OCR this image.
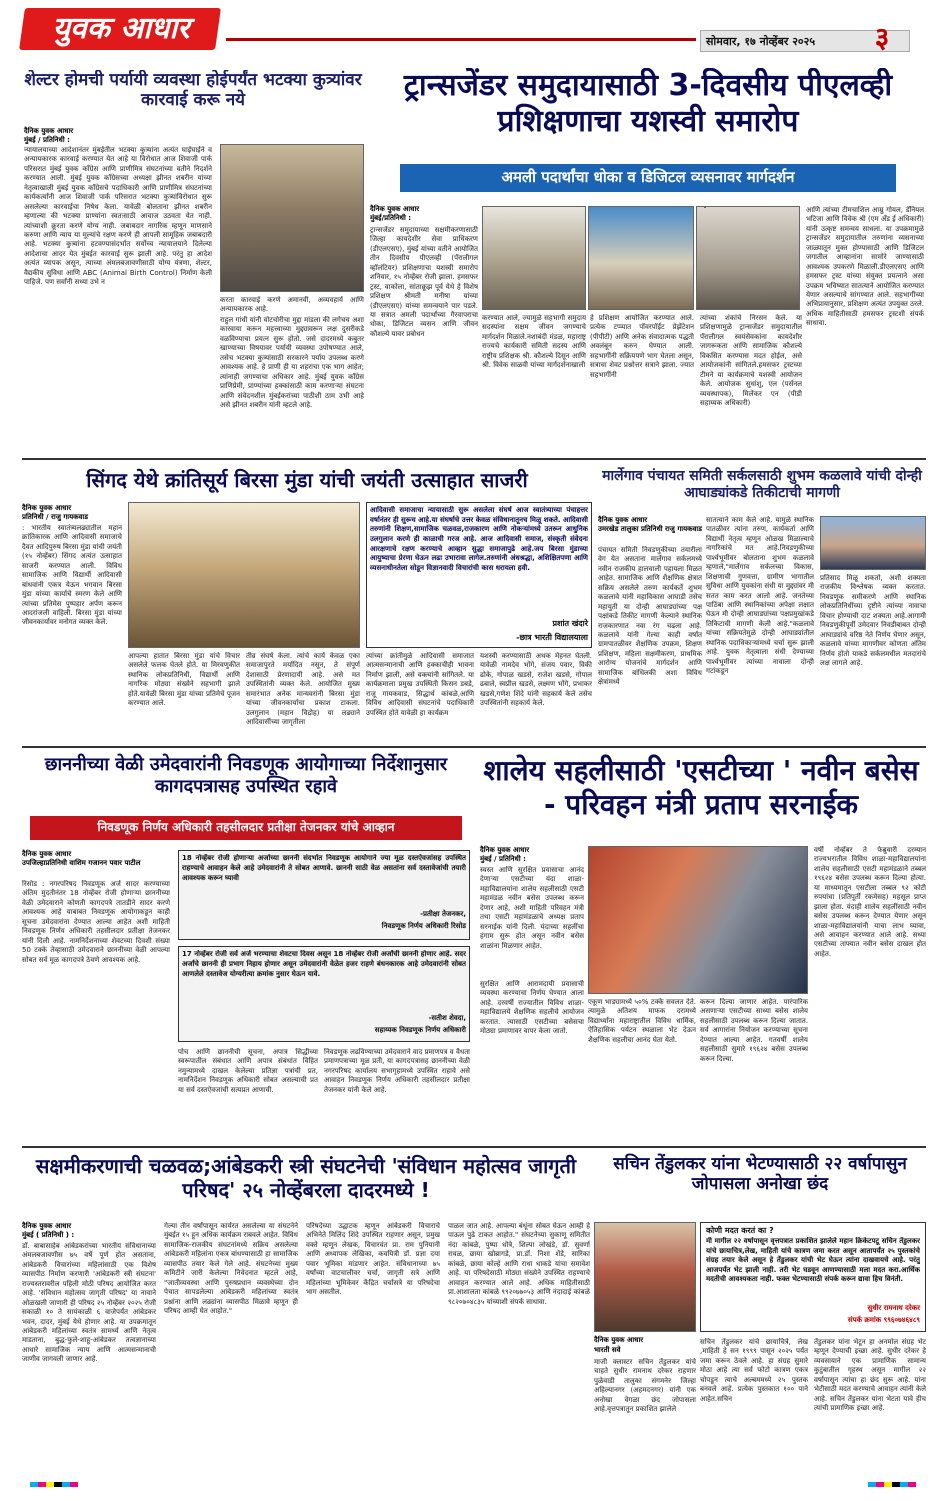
युवक आधार	सोमवार, १७ नोव्हेंबर २०२५	३
शेल्टर होमची पर्यायी व्यवस्था होईपर्यंत भटक्या कुत्र्यांवर कारवाई करू नये
दैनिक युवक आधार
मुंबई / प्रतिनिधी :
न्यायालयाच्या आदेशानंतर मुंबईतील भटक्या कुत्र्यांना अत्यंत घाईघाईने व अन्यायकारक कारवाई करण्यात येत आहे या विरोधात आज शिवाजी पार्क परिसरात मुंबई युवक काँग्रेस आणि प्राणीमित्र संघटनांच्या वतीने निदर्शने करण्यात आली. मुंबई युवक काँग्रेसच्या अध्यक्षा झीनत शबरीन यांच्या नेतृत्वाखाली मुंबई युवक काँग्रेसचे पदाधिकारी आणि प्राणीमित्र संघटनांच्या कार्यकर्त्यांनी आज शिवाजी पार्क परिसरात भटक्या कुत्र्यांविरोधात सुरू असलेल्या कारवाईचा निषेध केला. यावेळी बोलताना झीनत शबरीन म्हणाल्या की भटक्या प्राण्यांना स्वतःसाठी आवाज उठवता येत नाही. त्यांच्याशी क्रूरता करणे योग्य नाही. जबाबदार नागरिक म्हणून माणसाने करुणा आणि न्याय या मूल्यांचे रक्षण करणे ही आपली सामूहिक जबाबदारी आहे. भटक्या कुत्र्यांना हटवण्यासंदर्भात सर्वोच्च न्यायालयाने दिलेल्या आदेशाचा आदर येत मुंबईत कारवाई सुरू झाली आहे. परंतु हा आदेश अत्यंत व्यापक असून, त्याच्या अंमलबजावणीसाठी योग्य यंत्रणा, शेल्टर, वैद्यकीय सुविधा आणि ABC (Animal Birth Control) निर्माण केली पाहिजे. पण सर्वांनी सध्या उभे न
करता कारवाई करणे अमानवी, अव्यवहार्य आणि अन्यायकारक आहे.
राहुल गांधी यांनी वोटचोरीचा मुद्दा मांडला की लगेचच अशा कारवाया करून महत्त्वाच्या मुद्द्यावरून लक्ष दुसरीकडे वळविण्याचा प्रयत्न सुरू होतो. जसे दादरमध्ये कबुतर खाण्याच्या विषयावर पर्यायी व्यवस्था उपोषण्यात आले, तसेच भटक्या कुत्र्यांसाठी सरकारने पर्याय उपलब्ध करणे आवश्यक आहे. हे प्राणी ही या शहराचा एक भाग आहेत; त्यांनाही जगण्याचा अधिकार आहे. मुंबई युवक काँग्रेस प्राणिप्रेमी, प्राण्यांच्या हक्कांसाठी काम करणाऱ्या संघटना आणि संवेदनशील मुंबईकरांच्या पाठीशी ठाम उभी आहे असे झीनत शबरीन यांनी म्हटले आहे.
ट्रान्सजेंडर समुदायासाठी 3-दिवसीय पीएलव्ही प्रशिक्षणाचा यशस्वी समारोप
अमली पदार्थांचा धोका व डिजिटल व्यसनावर मार्गदर्शन
दैनिक युवक आधार
मुंबई/प्रतिनिधी :
ट्रान्सजेंडर समुदायाच्या सक्षमीकरणासाठी जिल्हा कायदेशीर सेवा प्राधिकरण (डीएलएसए), मुंबई यांच्या वतीने आयोजित तीन दिवसीय पीएलव्ही (पॅरालीगल व्हॉलंटियर) प्रशिक्षणाचा यशस्वी समारोप शनिवार, १५ नोव्हेंबर रोजी झाला. हमसफर ट्रस्ट, वाकोला, सांताक्रूझ पूर्व येथे हे विशेष प्रशिक्षण श्रीमती मनीषा यांच्या (डीएलएसए) यांच्या समन्वयाने पार पडले. या सत्रात अमली पदार्थांच्या गैरवापराचा धोका, डिजिटल व्यसन आणि जीवन कौशल्ये यावर प्रबोधन
करण्यात आले, ज्यामुळे सहभागी समुदाय सदस्यांना सक्षम जीवन जगण्याचे मार्गदर्शन मिळाले.नशाबंदी मंडळ, महाराष्ट्र राज्यचे कार्यकारी समिती सदस्य आणि राष्ट्रीय प्रशिक्षक श्री. कौशल्ये दिसून आणि श्री. विवेक साळवी यांच्या मार्गदर्शनाखाली
हे प्रशिक्षण आयोजित करण्यात आले. प्रत्येक टप्प्यात पॉवरपॉईंट प्रेझेंटेशन (पीपीटी) आणि अनेक संवादात्मक पद्धती अवलंबून करुन घेण्यात आली. सहभागींनी सक्रियपणे भाग घेतला असून, सत्राचा शेवट प्रश्नोत्तर सत्राने झाला. ज्यात सहभागींनी
त्यांच्या शंकांचे निरसन केले. या प्रशिक्षणामुळे ट्रान्सजेंडर समुदायातील पॅरालीगल स्वयंसेवकांना कायदेशीर जागरूकता आणि सामाजिक कौशल्ये विकसित करण्यास मदत होईल, असे आयोजकांनी सांगितले.हमसफर ट्रस्टच्या टीमने या कार्यक्रमाचे यशस्वी आयोजन केले. आयोजक सुधांशु, एल (पर्सनल व्यवस्थापक), मिलेंकर एन (पीडी सहाय्यक अधिकारी)
आणि त्यांच्या टीमचाशिल आम्रु गोयल, डॅनियल भटिजा आणि विवेक श्री (एम अँड ई अधिकारी) यांनी उत्कृष्ट समन्वय साधला. या उपक्रमामुळे ट्रान्सजेंडर समुदायातील तरुणांना व्यसनाच्या जाळ्यातून मुक्त होण्यासाठी आणि डिजिटल जगातील आव्हानांना सामोरे जाण्यासाठी आवश्यक उपकरणे मिळाली.डीएलएसए आणि हमसफर ट्रस्ट यांच्या संयुक्त प्रयत्नाने असा उपक्रम भविष्यात सातत्याने आयोजित करण्यात येणार असल्याचे सांगण्यात आले. सहभागींच्या अभिप्रायानुसार, प्रशिक्षण अत्यंत उपयुक्त ठरले. अधिक माहितीसाठी हमसफर ट्रस्टशी संपर्क साधावा.
सिंगद येथे क्रांतिसूर्य बिरसा मुंडा यांची जयंती उत्साहात साजरी
दैनिक युवक आधार
प्रतिनिधी / राजु गायकवाड
: भारतीय स्वातंत्र्यलढ्यातील महान क्रांतिकारक आणि आदिवासी समाजाचे दैवत आदिपुरुष बिरसा मुंडा यांची जयंती (१५ नोव्हेंबर) सिंगद अत्यंत उत्साहात साजरी करण्यात आली. विविध सामाजिक आणि विद्यार्थी आदिवासी बांधवांनी एकत्र येऊन भगवान बिरसा मुंडा यांच्या कार्याचे स्मरण केले आणि त्यांच्या प्रतिमेस पुष्पहार अर्पण करून आदरांजली वाहिली. बिरसा मुंडा यांच्या जीवनकार्यावर मनोगत व्यक्त केले.
आपल्या हातात बिरसा मुंडा यांचे विचार असलेले फलक घेतले होते. या मिरवणुकीत स्थानिक लोकप्रतिनिधी, विद्यार्थी आणि नागरिक मोठ्या संख्येने सहभागी झाले होते.यावेळी बिरसा मुंडा यांच्या प्रतिमेचे पूजन करण्यात आले.
तीव्र संघर्ष केला. त्यांचे कार्य केवळ एका समाजापुरते मर्यादित नसून, ते संपूर्ण देशासाठी प्रेरणादायी आहे. असे मत उपस्थितांनी व्यक्त केले. आयोजित मुख्य समारंभात अनेक मान्यवरांनी बिरसा मुंडा यांच्या जीवनकार्याचा प्रकाश टाकला. उलगुलान (महान विद्रोह) या लढ्याने आदिवासींच्या जागृतीला
आदिवासी समाजाचा न्यायासाठी सुरू असलेला संघर्ष आज स्वातंत्र्याच्या पंचाहत्तर वर्षानंतर ही सुरूच आहे.या संघर्षाचे उत्तर केवळ संविधानातूनच मिळू शकते. आदिवासी तरुणांनी शिक्षण,सामाजिक चळवळ,राजकारण आणि नोकऱ्यांमध्ये उतरून आधुनिक उलगुलान करणे ही काळाची गरज आहे. आज आदिवासी समाज, संस्कृती संवेदना आरक्षणाचे रक्षण करण्याचे आव्हान सुद्धा समाजापुढे आहे.जय बिरसा मुंडाच्या आयुष्याचा प्रेरणा घेऊन लढा उभारावा लागेल.तरुणांनी अंधश्रद्धा, अशिक्षितपणा आणि व्यसनाधीनतेला सोडून विज्ञानवादी विचारांची कास धरायला हवी.
प्रशांत खंदारे
-छात्र भारती विद्यालयाला
त्यांच्या क्रांतीमुळे आदिवासी समाजात आत्मसन्मानाची आणि हक्काचीही भावना निर्माण झाली, असे वक्त्यांनी सांगितले. या कार्यक्रमाला प्रमुख उपस्थिती किसन डबडे, राजू गायकवाड, सिद्धार्थ कांबळे,आणि विविध आदिवासी संघटनांचे पदाधिकारी उपस्थित होते यावेळी हा कार्यक्रम
यशस्वी करण्यासाठी अथक मेहनत घेतली. यावेळी नामदेव भोंगे, संजय पवार, विकी ढोके, गोपाळ खडसे, राजेश खडसे, गोपाल ढबाले, स्वप्नील खडसे, लक्ष्मण भोंगे, प्रभाकर खडसे,गणेश शिंदे यांनी सहकार्य केले तसेच उपस्थितांनी सहकार्य केले.
मार्लेगाव पंचायत समिती सर्कलसाठी शुभम कळलावे यांची दोन्ही आघाड्यांकडे तिकीटाची मागणी
दैनिक युवक आधार
उमरखेड तालुका प्रतिनिधी राजु गायकवाड
पंचायत समिती निवडणुकीच्या तयारीला वेग येत असताना मार्लेगाव सर्कलमध्ये नवीन राजकीय हालचाली पहायला मिळत आहेत. सामाजिक आणि शैक्षणिक क्षेत्रात सक्रिय असलेले तरुण कार्यकर्ते शुभम कळलावे यांनी महाविकास आघाडी तसेच महायुती या दोन्ही आघाड्यांच्या पक्ष पक्षांकडे तिकीट मागणी केल्याने स्थानिक राजकारणात नवा रंग चढला आहे. कळलावे यांनी गेल्या काही वर्षांत ग्रामपातळीवर शैक्षणिक उपक्रम, शिक्षण प्रशिक्षण, महिला सक्षमीकरण, प्राथमिक आरोग्य योजनांचे मार्गदर्शन आणि सामाजिक बांधिलकी अशा विविध क्षेत्रांमध्ये
सातत्याने काम केले आहे. यामुळे स्थानिक पातळीवर त्यांना तरुण, कार्यकर्ता आणि विद्यार्थी नेतृत्व म्हणून ओळख मिळाल्याचे नागरिकांचे मत आहे.निवडणुकीच्या पार्श्वभूमीवर बोलताना शुभम कळलावे म्हणाले,"मार्लेगाव सर्कलच्या विकास, शिक्षणाची गुणवत्ता, ग्रामीण भागातील सुविधा आणि युवकांना संधी या मुद्द्यांवर मी सतत काम करत आलो आहे. जनतेच्या पाठिंबा आणि स्थानिकांच्या अपेक्षा लक्षात घेऊन मी दोन्ही आघाड्यांच्या पक्षप्रमुखांकडे तिकिटाची मागणी केली आहे."कळलावे यांच्या सक्रियतेमुळे दोन्ही आघाड्यांतील स्थानिक पदाधिकाऱ्यांमध्ये चर्चा सुरू झाली आहे. युवक नेतृत्वाला संधी देण्याच्या पार्श्वभूमीवर त्यांच्या नावाला दोन्ही गटांकडून
प्रतिसाद मिळू शकतो, अशी शक्यता राजकीय विश्लेषक व्यक्त करतात. निवडणूक समीकरणे आणि स्थानिक लोकप्रतिनिधींच्या दृष्टीने त्यांच्या नावाचा विचार होण्याची दाट शक्यता आहे.आगामी निवडणुकीपूर्वी उमेदवार निवडीबाबत दोन्ही आघाड्यांचे वरिष्ठ नेते निर्णय घेणार असून, कळलावे यांच्या मागणीवर कोणता अंतिम निर्णय होतो याकडे सर्कलमधील मतदारांचे लक्ष लागले आहे.
छाननीच्या वेळी उमेदवारांनी निवडणूक आयोगाच्या निर्देशानुसार कागदपत्रासह उपस्थित रहावे
निवडणूक निर्णय अधिकारी तहसीलदार प्रतीक्षा तेजनकर यांचे आव्हान
दैनिक युवक आधार
उपजिल्हाप्रतिनिधी वाशिम गजानन पवार पाटील
रिसोड : नगरपरिषद निवडणूक अर्ज सादर करण्याच्या अंतिम मुदतीनंतर 18 नोव्हेंबर रोजी होणाऱ्या छाननीच्या वेळी उमेदवाराने कोणती कागदपत्रे तातडीने सादर करणे आवश्यक आहे याबाबत निवडणूक आयोगाकडून काही सूचना उमेदवारांना देण्यात आल्या आहेत अशी माहिती निवडणूक निर्णय अधिकारी तहसीलदार प्रतीक्षा तेजनकर यांनी दिली आहे. नामनिर्देशनाच्या शेवटच्या दिवशी संख्या 50 टक्के तेव्हासाठी उमेदवाराने छाननीच्या वेळी आपल्या सोबत सर्व मूळ कागदपत्रे ठेवणे आवश्यक आहे.
18 नोव्हेंबर रोजी होणाऱ्या अर्जाच्या छाननी संदर्भात निवडणूक आयोगाने ज्या मूळ दस्तऐवजांसह उपस्थित राहण्याचे आवाहन केले आहे उमेदवारांनी ते सोबत आणावे. छाननी साठी वेळ असतांना सर्व दस्तावेजांची तयारी आवश्यक करून घ्यावी
-प्रतीक्षा तेजनकर,
निवडणूक निर्णय अधिकारी रिसोड
17 नोव्हेंबर रोजी सर्व अर्ज भरण्याचा शेवटचा दिवस असून 18 नोव्हेंबर रोजी अर्जांची छाननी होणार आहे. सदर अर्जांचे छाननी ही प्रभाग निहाय होणार असून उमेदवारांनी वेळेत हजर राहणे बंधनकारक आहे उमेदवारांनी सोबत आणलेले दस्तावेज योग्यरीत्या क्रमांक नुसार घेऊन यावे.
-सतीश शेवदा,
सहाय्यक निवडणूक निर्णय अधिकारी
पोच आणि छाननीची सूचना, अपात्र सिद्धीच्या स्वरूपातील संबंधात आणि अपात्र संबंधांत विहित नमुन्यामध्ये दाखल केलेल्या प्रतिज्ञा पत्रांची प्रत, नामनिर्देशन निवडणूक अधिकारी सोबत असल्याची प्रत या सर्व दस्तऐवजांची सत्यप्रत आणावी.
निवडणूक लढविण्याच्या उमेदवाराने वाद प्रमाणपत्र व वैधता प्रमाणपत्राच्या मूळ प्रती, या कागदपत्रासह छाननीच्या वेळी नगरपरिषद कार्यालय सभागृहामध्ये उपस्थित राहावे असे आवाहन निवडणूक निर्णय अधिकारी तहसीलदार प्रतीक्षा तेजनकर यांनी केले आहे.
शालेय सहलीसाठी 'एसटीच्या ' नवीन बसेस - परिवहन मंत्री प्रताप सरनाईक
दैनिक युवक आधार
मुंबई / प्रतिनिधी :
स्वस्त आणि सुरक्षित प्रवासाचा आनंद देणाऱ्या एसटीच्या यंदा शाळा-महाविद्यालयांना शालेय सहलीसाठी एसटी महामंडळ नवीन बसेस उपलब्ध करून देणार आहे, अशी माहिती परिवहन मंत्री तथा एसटी महामंडळाचे अध्यक्ष प्रताप सरनाईक यांनी दिली. यंदाच्या सहलींचा हंगाम सुरू होत असून नवीन बसेस शाळांना मिळणार आहेत.
सुरक्षित आणि आरामदायी प्रवासाची व्यवस्था करण्याचा निर्णय घेण्यात आला आहे. दरवर्षी राज्यातील विविध शाळा-महाविद्यालये शैक्षणिक सहलीचे आयोजन करतात. त्यासाठी एसटीच्या बसेसचा मोठ्या प्रमाणावर वापर केला जातो.
एकूण भाड्यामध्ये ५०% टक्के सवलत देते. त्यामुळे अतिशय माफक दरामध्ये विद्यार्थ्यांना महाराष्ट्रातील विविध धार्मिक, ऐतिहासिक पर्यटन स्थळाला भेट देऊन शैक्षणिक सहलीचा आनंद घेता येतो.
करून दिल्या जाणार आहेत. पारंपारिक असणाऱ्या एसटीच्या साध्या बसेस शालेय सहलीसाठी उपलब्ध करून दिल्या जातात. सर्व आगारांना नियोजन करण्याच्या सूचना देण्यात आल्या आहेत. गतवर्षी शालेय सहलीसाठी सुमारे १९६२४ बसेस उपलब्ध करून दिल्या.
वर्षी नोव्हेंबर ते फेब्रुवारी दरम्यान राज्यभरातील विविध शाळा-महाविद्यालयांना शालेय सहलीसाठी एसटी महामंडळाने तब्बल १९६२४ बसेस उपलब्ध करून दिल्या होत्या. या माध्यमातून एसटीला तब्बल ९२ कोटी रुपयांचा (प्रतिपूर्ती रकमेसह) महसूल प्राप्त झाला होता. यंदाही शालेय सहलींसाठी नवीन बसेस उपलब्ध करून देण्यात येणार असून शाळा-महाविद्यालयांनी याचा लाभ घ्यावा, असे आवाहन करण्यात आले आहे. सध्या एसटीच्या ताफ्यात नवीन बसेस दाखल होत आहेत.
सक्षमीकरणाची चळवळ;आंबेडकरी स्त्री संघटनेची 'संविधान महोत्सव जागृती परिषद' २५ नोव्हेंबरला दादरमध्ये !
दैनिक युवक आधार
मुंबई ( प्रतिनिधी ) :
डॉ. बाबासाहेब आंबेडकरांच्या भारतीय संविधानाच्या अंमलबजावणीस ७५ वर्षे पूर्ण होत असताना, आंबेडकरी विचारांच्या महिलांसाठी एक विशेष व्यासपीठ निर्माण करणारी 'आंबेडकरी स्त्री संघटना' राज्यस्तरावरील पहिली मोठी परिषद आयोजित करत आहे. 'संविधान महोत्सव जागृती परिषद' या नावाने ओळखली जाणारी ही परिषद २५ नोव्हेंबर २०२५ रोजी सकाळी १० ते सायंकाळी ६ वाजेपर्यंत आंबेडकर भवन, दादर, मुंबई येथे होणार आहे. या उपक्रमातून आंबेडकरी महिलांच्या स्वतंत्र सामर्थ्य आणि नेतृत्व माडताना, बुद्ध-फुले-शाहू-आंबेडकर तत्वज्ञानाच्या आधारे सामाजिक न्याय आणि आत्मसन्मानाची जाणीव जागवली जाणार आहे.
गेल्या तीन वर्षांपासून कार्यरत असलेल्या या संघटनेने मुंबईत १५ हून अधिक कार्यक्रम राबवले आहेत. विविध सामाजिक-राजकीय संघटनांमध्ये सक्रिय असलेल्या आंबेडकरी महिलांना एकत्र बांधण्यासाठी हा सामाजिक व्यासपीठ तयार केले गेले आहे. संघटनेच्या मुख्य कमिटीने जारी केलेल्या निवेदनात म्हटले आहे, "जातीव्यवस्था आणि पुरुषप्रधान व्यवस्थेच्या दोन पेचात सापडलेल्या आंबेडकरी महिलांच्या स्वतंत्र प्रश्नांना आणि लढ्यांना व्यासपीठ मिळावे म्हणून ही परिषद आम्ही घेत आहोत."
परिषदेच्या उद्घाटक म्हणून आंबेडकरी विचाराचे अभिनेते मिलिंद शिंदे उपस्थित राहणार असून, प्रमुख वक्ते म्हणून लेखक, विचारवंत प्रा. राम पुनियानी आणि अध्यापक लेखिका, कवयित्री डॉ. प्रज्ञा दया पवार भूमिका मांडणार आहेत. संविधानाच्या ७५ वर्षांच्या वाटचालीवर चर्चा, जागृती सत्रे आणि महिलांच्या भूमिकेवर केंद्रित चर्चासत्रे या परिषदेचा भाग असतील.
पाळल जात आहे. आपल्या बंधूंना सोबत घेऊन आम्ही हे पाऊल पुढे टाकत आहोत." संघटनेच्या सुकाणू समितीत नंदा कांबळे, पुष्पा धोत्रे, शिल्पा लोखंडे, डॉ. सुवर्णा रावळ, छाया खोब्रागडे, प्रा.डॉ. निशा शेंडे, सारिका कांबळे, छाया कोल्हे आणि राधा धाकडे यांचा समावेश आहे. या परिषदेसाठी मोठ्या संख्येने उपस्थित राहण्याचे आवाहन करण्यात आले आहे. अधिक माहितीसाठी प्रा.आशालता कांबळे ९९२०७७०५३ आणि नंदादाई कांबळे ९८२०७०४८३५ यांच्याशी संपर्क साधावा.
सचिन तेंडुलकर यांना भेटण्यासाठी २२ वर्षापासुन जोपासला अनोखा छंद
दैनिक युवक आधार
भारती सवे
माजी क्लास्टर सचिन तेंडुलकर यांचे चाहते सुधीर रामनाथ दरेकर राहणार पुळेवाडी तालुका संगमनेर जिल्हा अहिल्यानगर (अहमदनगर) यांनी एक अनोखा वेगळा छंद जोपासला आहे.वृत्तपत्रातून प्रकाशित झालेले
कोणी मदत करतं का ?
मी मागील २२ वर्षापासून वृत्तपत्रात प्रकाशित झालेले महान क्रिकेटपटू सचिन तेंडुलकर यांचे छायाचित्र,लेख, माहिती यांचे कात्रण जमा करत असून आतापर्यंत २५ पुस्तकांचे संग्रह तयार केले असून हे तेंडुलकर यांची भेट घेऊन त्यांना दाखवायचे आहे. परंतु आजपर्यंत भेट झाली नाही. तरी भेट घडवून आणण्यासाठी मला मदत करा.आर्थिक मदतीची आवश्यकता नाही. फक्त भेटण्यासाठी संपर्क करून द्यावा हिच विनंती.
सुधीर रामनाथ दरेकर
संपर्क क्रमांक ९९६०७४६४८९
सचिन तेंडुलकर यांचे छायाचित्रे, लेख ,माहिती हे सन १९९९ पासून २०२५ पर्यंत जमा करून ठेवले आहे. हा संग्रह सुमारे मोठा आहे त्या सर्व फोटो कात्रण एकत्र चोपडून त्याचे अल्बममध्ये २५ पुस्तक बनवले आहे. प्रत्येक पुस्तकात १०० पाने आहेत.सचिन
तेंडुलकर यांना भेटून हा अनमोल संग्रह भेट म्हणून देण्याची इच्छा आहे. सुधीर दरेकर हे व्यवसायाने एक प्रामाणिक सामान्य कुटुंबातील गृहस्थ असून मागील २२ वर्षापासून त्यांचा हा छंद सुरू आहे. यांना भेटीसाठी मदत करण्याचे आवाहन त्यांनी केले आहे. सचिन तेंडुलकर यांना भेटता यावे हीच त्यांची प्रामाणिक इच्छा आहे.
